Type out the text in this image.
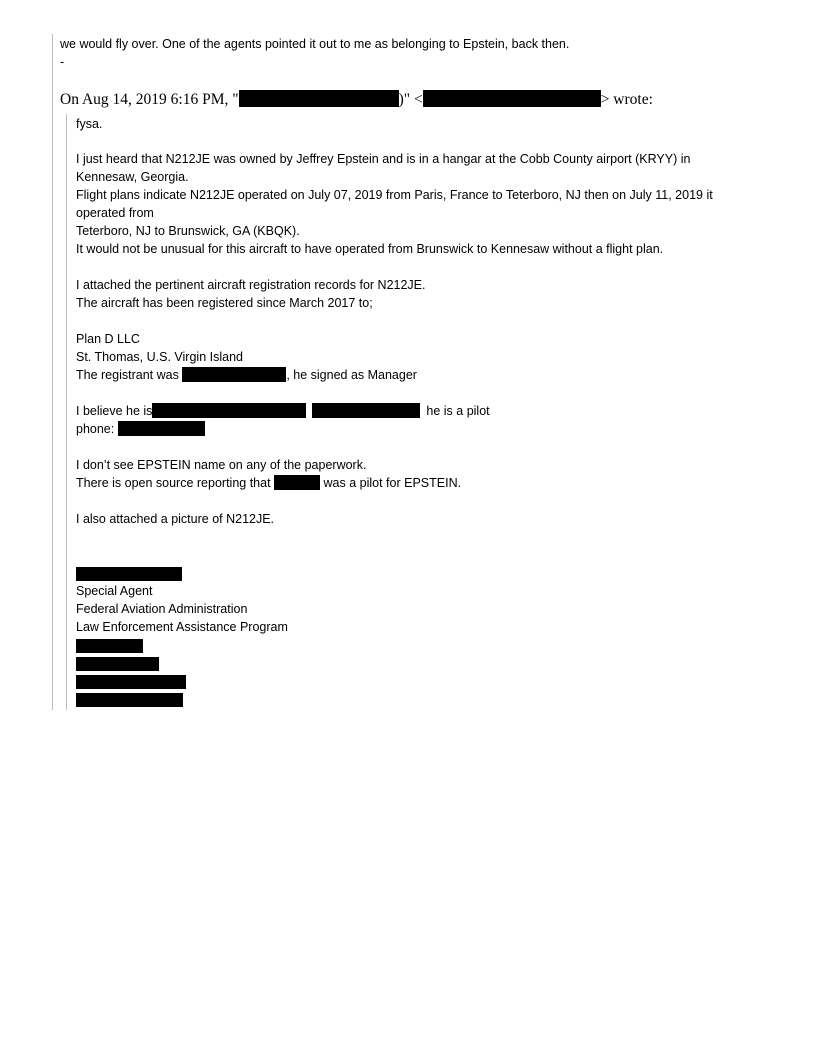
we would fly over. One of the agents pointed it out to me as belonging to Epstein, back then.
-
On Aug 14, 2019 6:16 PM, "	)" <	> wrote:
fysa.
I just heard that N212JE was owned by Jeffrey Epstein and is in a hangar at the Cobb County airport (KRYY) in
Kennesaw, Georgia.
Flight plans indicate N212JE operated on July 07, 2019 from Paris, France to Teterboro, NJ then on July 11, 2019 it
operated from
Teterboro, NJ to Brunswick, GA (KBQK).
It would not be unusual for this aircraft to have operated from Brunswick to Kennesaw without a flight plan.
I attached the pertinent aircraft registration records for N212JE.
The aircraft has been registered since March 2017 to;
Plan D LLC
St. Thomas, U.S. Virgin Island
The registrant was	, he signed as Manager
I believe he is	he is a pilot
phone:
I don’t see EPSTEIN name on any of the paperwork.
There is open source reporting that	was a pilot for EPSTEIN.
I also attached a picture of N212JE.
Special Agent
Federal Aviation Administration
Law Enforcement Assistance Program
